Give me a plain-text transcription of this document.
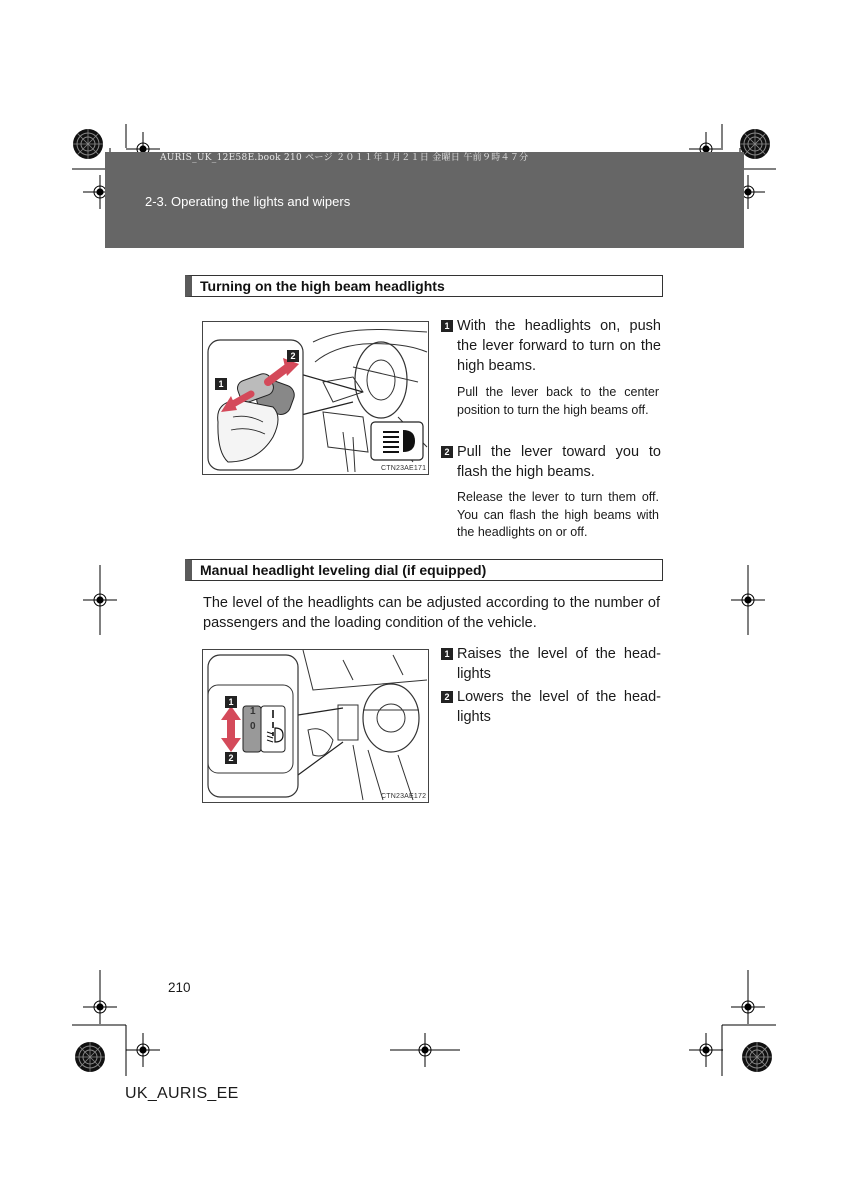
AURIS_UK_12E58E.book 210 ページ ２０１１年１月２１日 金曜日 午前９時４７分
2-3. Operating the lights and wipers
Turning on the high beam headlights
2
1
CTN23AE171
1 With the headlights on, push the lever forward to turn on the high beams.
Pull the lever back to the center position to turn the high beams off.
2 Pull the lever toward you to flash the high beams.
Release the lever to turn them off. You can flash the high beams with the headlights on or off.
Manual headlight leveling dial (if equipped)
The level of the headlights can be adjusted according to the number of passengers and the loading condition of the vehicle.
1
2
1
0
CTN23AE172
1 Raises the level of the head-lights
2 Lowers the level of the head-lights
210
UK_AURIS_EE
